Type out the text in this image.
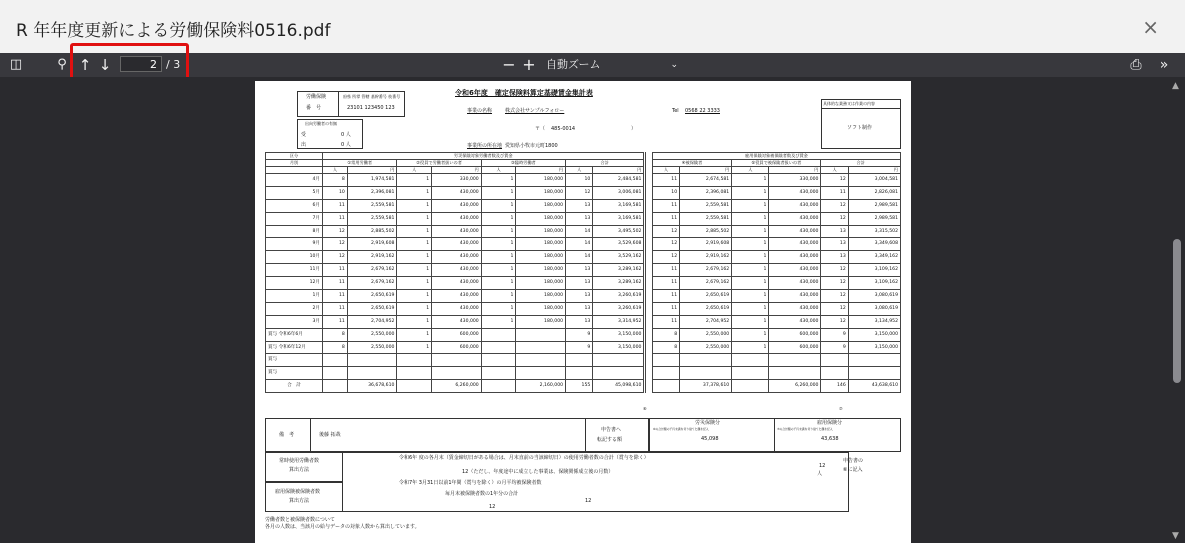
R 年年度更新による労働保険料0516.pdf	×
◫	⚲ ↑ ↓	2 / 3	− + 自動ズーム	⌄	⎙	»
労働保険
番　号
府県 所掌 管轄 基幹番号 枝番号
23101 123450 123
出向労働者の有無
受	0 人
出	0 人
令和6年度　確定保険料算定基礎賃金集計表
事業の名称	株式会社サンプルフォロー	Tel 0568 22 3333
〒（ 485-0014	）
事業所の所在地 愛知県小牧市元町1800
具体的な業務又は作業の内容
ソフト制作
区分	労災保険対象労働者数及び賃金									雇用保険対象被保険者数及び賃金					
月別	①常用労働者		②役員で労働者扱いの者		③臨時労働者		合計			④被保険者		⑤役員で被保険者扱いの者		合計	
	人	円	人	円	人	円	人	円		人	円	人	円	人	円
4月	8	1,974,581	1	330,000	1	180,000	10	2,484,581		11	2,674,581	1	330,000	12	3,004,581
5月	10	2,396,081	1	430,000	1	180,000	12	3,006,081		10	2,396,081	1	430,000	11	2,826,081
6月	11	2,559,581	1	430,000	1	180,000	13	3,169,581		11	2,559,581	1	430,000	12	2,989,581
7月	11	2,559,581	1	430,000	1	180,000	13	3,169,581		11	2,559,581	1	430,000	12	2,989,581
8月	12	2,885,502	1	430,000	1	180,000	14	3,495,502		12	2,885,502	1	430,000	13	3,315,502
9月	12	2,919,608	1	430,000	1	180,000	14	3,529,608		12	2,919,608	1	430,000	13	3,349,608
10月	12	2,919,162	1	430,000	1	180,000	14	3,529,162		12	2,919,162	1	430,000	13	3,349,162
11月	11	2,679,162	1	430,000	1	180,000	13	3,289,162		11	2,679,162	1	430,000	12	3,109,162
12月	11	2,679,162	1	430,000	1	180,000	13	3,289,162		11	2,679,162	1	430,000	12	3,109,162
1月	11	2,650,619	1	430,000	1	180,000	13	3,260,619		11	2,650,619	1	430,000	12	3,080,619
2月	11	2,650,619	1	430,000	1	180,000	13	3,260,619		11	2,650,619	1	430,000	12	3,080,619
3月	11	2,704,952	1	430,000	1	180,000	13	3,314,952		11	2,704,952	1	430,000	12	3,134,952
賞与 令和6年6月	8	2,550,000	1	600,000			9	3,150,000		8	2,550,000	1	600,000	9	3,150,000
賞与 令和6年12月	8	2,550,000	1	600,000			9	3,150,000		8	2,550,000	1	600,000	9	3,150,000
賞与															
賞与															
合　計		36,678,610		6,260,000		2,160,000	155	45,098,610			37,378,610		6,260,000	146	43,638,610
⑥	⑦
備　考	後藤 拓哉
申告書へ
転記する額
労災保険分
⑥の合計額の千円未満を切り捨てた額を記入
45,098
雇用保険分
⑦の合計額の千円未満を切り捨てた額を記入
43,638
常時使用労働者数
算出方法
令和6年 度の各月末（賃金締切日がある場合は、月末直前の当該締切日）の使用労働者数の合計（賞与を除く）
12（ただし、年度途中に成立した事業は、保険関係成立後の月数）
12
人
申告書の
⑥に記入
雇用保険被保険者数
算出方法
令和7年 3月31日以前1年間（賞与を除く）の月平均被保険者数
毎月末被保険者数の1年分の合計
12
12
労働者数と被保険者数について
各月の人数は、当該月の給与データの対象人数から算出しています。
▲
▼
